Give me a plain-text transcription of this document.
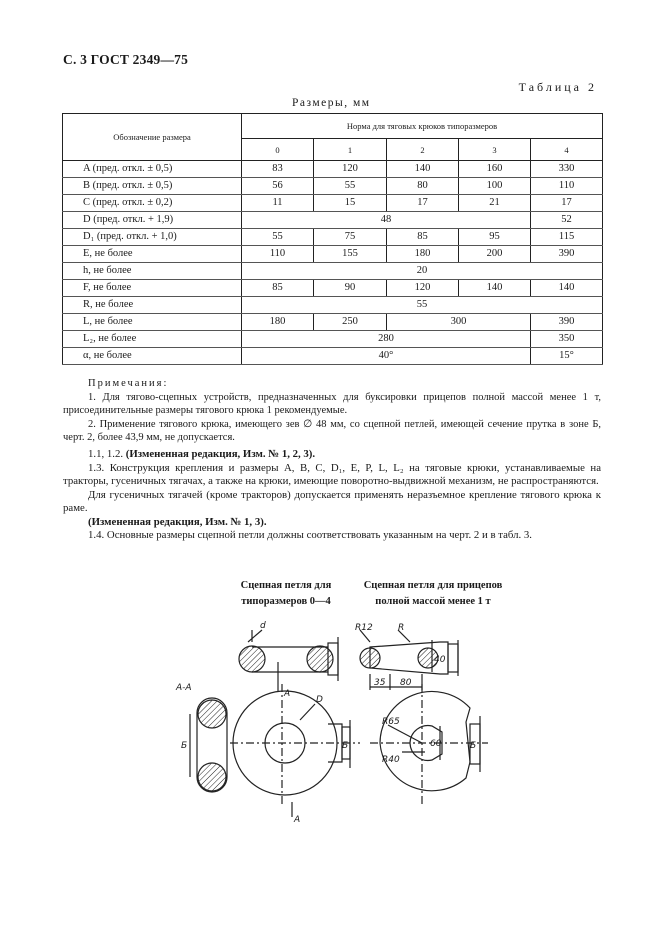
С. 3 ГОСТ 2349—75
Таблица 2
Размеры, мм
Обозначение размера	Норма для тяговых крюков типоразмеров				
	0	1	2	3	4
A (пред. откл. ± 0,5)	83	120	140	160	330
B (пред. откл. ± 0,5)	56	55	80	100	110
C (пред. откл. ± 0,2)	11	15	17	21	17
D (пред. откл. + 1,9)	48				52
D₁ (пред. откл. + 1,0)	55	75	85	95	115
E, не более	110	155	180	200	390
h, не более	20				
F, не более	85	90	120	140	140
R, не более	55				
L, не более	180	250	300		390
L₂, не более	280				350
α, не более	40°				15°
Примечания:

1. Для тягово-сцепных устройств, предназначенных для буксировки прицепов полной массой менее 1 т, присоединительные размеры тягового крюка 1 рекомендуемые.

2. Применение тягового крюка, имеющего зев ∅ 48 мм, со сцепной петлей, имеющей сечение прутка в зоне Б, черт. 2, более 43,9 мм, не допускается.

1.1, 1.2. (Измененная редакция, Изм. № 1, 2, 3).

1.3. Конструкция крепления и размеры A, B, C, D₁, E, P, L, L₂ на тяговые крюки, устанавливаемые на тракторы, гусеничных тягачах, а также на крюки, имеющие поворотно-выдвижной механизм, не распространяются.

Для гусеничных тягачей (кроме тракторов) допускается применять неразъемное крепление тягового крюка к раме.

(Измененная редакция, Изм. № 1, 3).

1.4. Основные размеры сцепной петли должны соответствовать указанным на черт. 2 и в табл. 3.

Сцепная петля для
типоразмеров 0—4
Сцепная петля для прицепов
полной массой менее 1 т
d
A
A-A
Б
D
Б
A
R12	R
40
35 80
R65
Б
60
R40
